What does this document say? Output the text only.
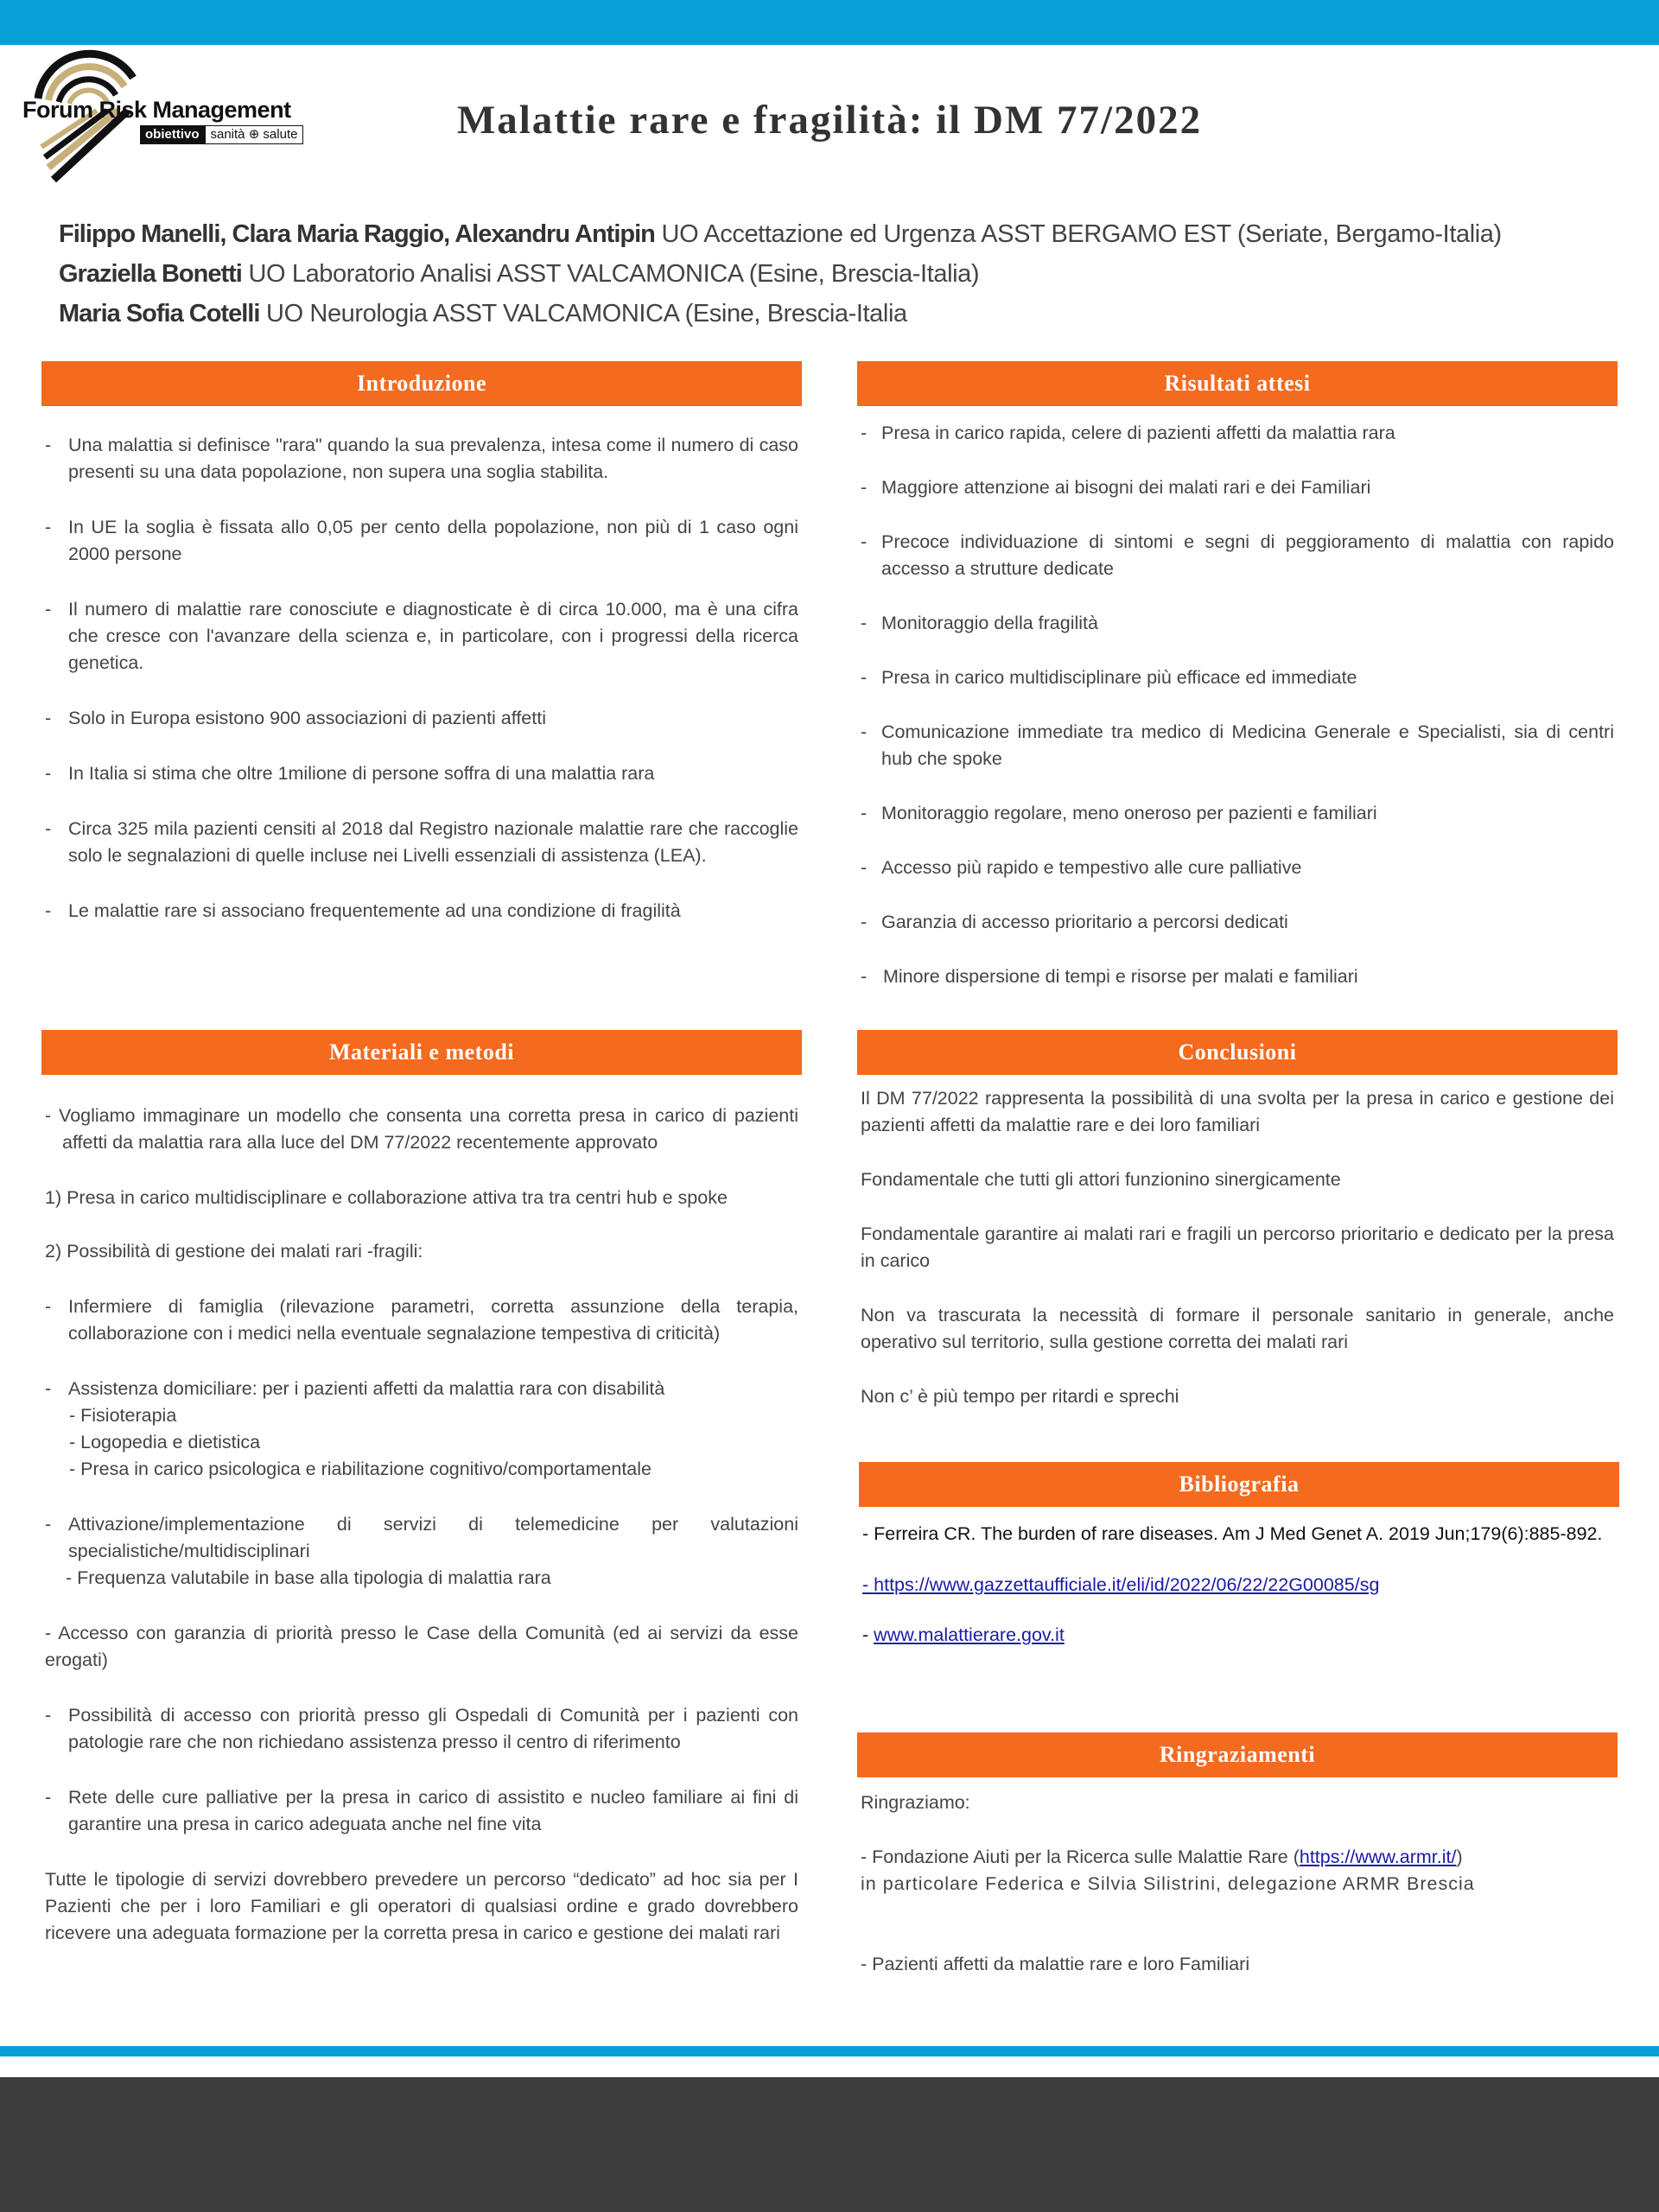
Forum Risk Management
obiettivo sanità ⊕ salute	Malattie rare e fragilità: il DM 77/2022
Filippo Manelli, Clara Maria Raggio, Alexandru Antipin UO Accettazione ed Urgenza ASST BERGAMO EST (Seriate, Bergamo-Italia)
Graziella Bonetti UO Laboratorio Analisi ASST VALCAMONICA (Esine, Brescia-Italia)
Maria Sofia Cotelli UO Neurologia ASST VALCAMONICA (Esine, Brescia-Italia
Introduzione
- Una malattia si definisce "rara" quando la sua prevalenza, intesa come il numero di caso presenti su una data popolazione, non supera una soglia stabilita.
- In UE la soglia è fissata allo 0,05 per cento della popolazione, non più di 1 caso ogni 2000 persone
- Il numero di malattie rare conosciute e diagnosticate è di circa 10.000, ma è una cifra che cresce con l'avanzare della scienza e, in particolare, con i progressi della ricerca genetica.
- Solo in Europa esistono 900 associazioni di pazienti affetti
- In Italia si stima che oltre 1milione di persone soffra di una malattia rara
- Circa 325 mila pazienti censiti al 2018 dal Registro nazionale malattie rare che raccoglie solo le segnalazioni di quelle incluse nei Livelli essenziali di assistenza (LEA).
- Le malattie rare si associano frequentemente ad una condizione di fragilità
Risultati attesi
- Presa in carico rapida, celere di pazienti affetti da malattia rara
- Maggiore attenzione ai bisogni dei malati rari e dei Familiari
- Precoce individuazione di sintomi e segni di peggioramento di malattia con rapido accesso a strutture dedicate
- Monitoraggio della fragilità
- Presa in carico multidisciplinare più efficace ed immediate
- Comunicazione immediate tra medico di Medicina Generale e Specialisti, sia di centri hub che spoke
- Monitoraggio regolare, meno oneroso per pazienti e familiari
- Accesso più rapido e tempestivo alle cure palliative
- Garanzia di accesso prioritario a percorsi dedicati
- Minore dispersione di tempi e risorse per malati e familiari
Materiali e metodi
- Vogliamo immaginare un modello che consenta una corretta presa in carico di pazienti affetti da malattia rara alla luce del DM 77/2022 recentemente approvato
1) Presa in carico multidisciplinare e collaborazione attiva tra tra centri hub e spoke
2) Possibilità di gestione dei malati rari -fragili:
- Infermiere di famiglia (rilevazione parametri, corretta assunzione della terapia, collaborazione con i medici nella eventuale segnalazione tempestiva di criticità)
- Assistenza domiciliare: per i pazienti affetti da malattia rara con disabilità
- Fisioterapia
- Logopedia e dietistica
- Presa in carico psicologica e riabilitazione cognitivo/comportamentale
- Attivazione/implementazione di servizi di telemedicine per valutazioni specialistiche/multidisciplinari
- Frequenza valutabile in base alla tipologia di malattia rara
- Accesso con garanzia di priorità presso le Case della Comunità (ed ai servizi da esse erogati)
- Possibilità di accesso con priorità presso gli Ospedali di Comunità per i pazienti con patologie rare che non richiedano assistenza presso il centro di riferimento
- Rete delle cure palliative per la presa in carico di assistito e nucleo familiare ai fini di garantire una presa in carico adeguata anche nel fine vita
Tutte le tipologie di servizi dovrebbero prevedere un percorso “dedicato” ad hoc sia per I Pazienti che per i loro Familiari e gli operatori di qualsiasi ordine e grado dovrebbero ricevere una adeguata formazione per la corretta presa in carico e gestione dei malati rari
Conclusioni
Il DM 77/2022 rappresenta la possibilità di una svolta per la presa in carico e gestione dei pazienti affetti da malattie rare e dei loro familiari
Fondamentale che tutti gli attori funzionino sinergicamente
Fondamentale garantire ai malati rari e fragili un percorso prioritario e dedicato per la presa in carico
Non va trascurata la necessità di formare il personale sanitario in generale, anche operativo sul territorio, sulla gestione corretta dei malati rari
Non c’ è più tempo per ritardi e sprechi
Bibliografia
- Ferreira CR. The burden of rare diseases. Am J Med Genet A. 2019 Jun;179(6):885-892.
- https://www.gazzettaufficiale.it/eli/id/2022/06/22/22G00085/sg
- www.malattierare.gov.it
Ringraziamenti
Ringraziamo:
- Fondazione Aiuti per la Ricerca sulle Malattie Rare (https://www.armr.it/)
in particolare Federica e Silvia Silistrini, delegazione ARMR Brescia
- Pazienti affetti da malattie rare e loro Familiari
